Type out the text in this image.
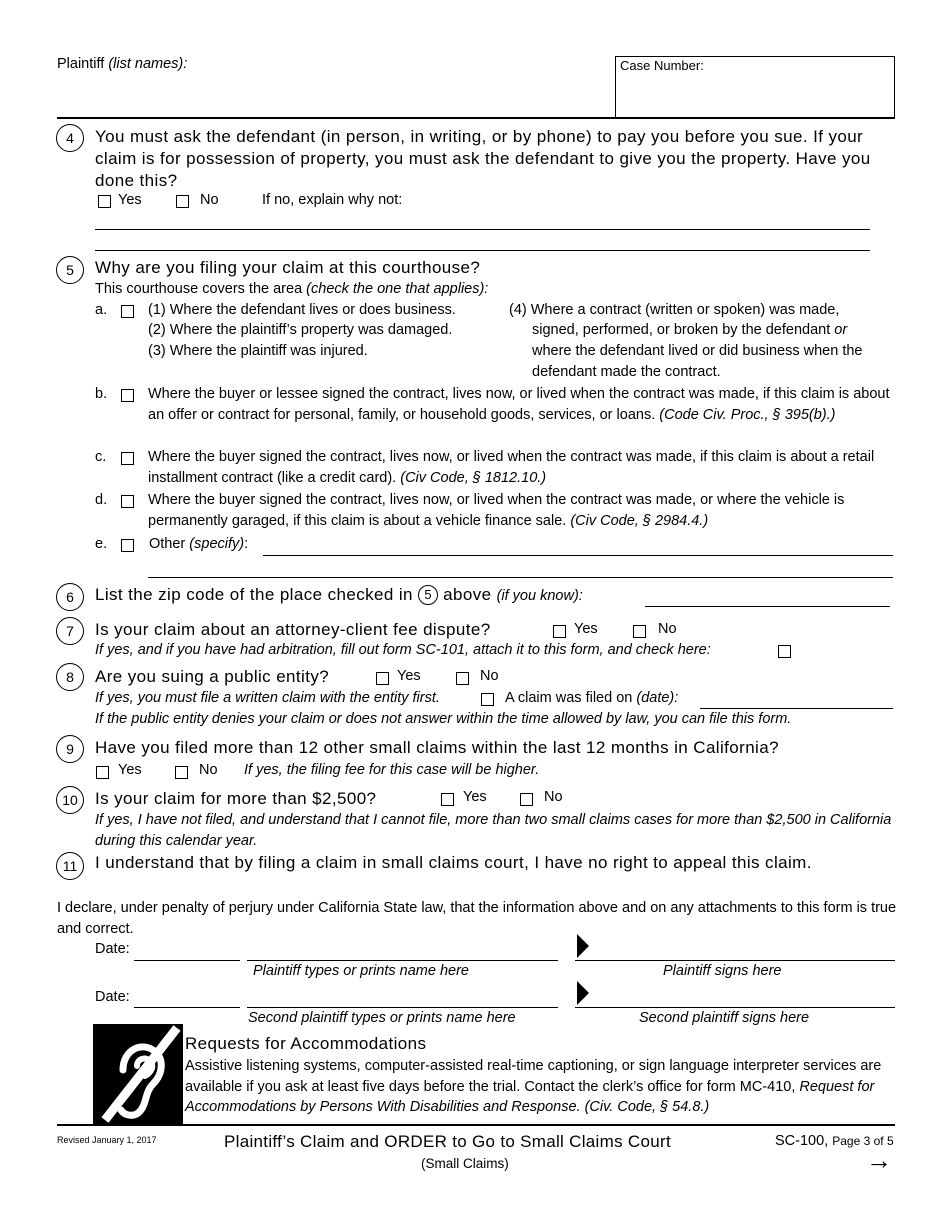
Plaintiff (list names):	Case Number:
4	You must ask the defendant (in person, in writing, or by phone) to pay you before you sue. If your claim is for possession of property, you must ask the defendant to give you the property. Have you done this?
Yes	No	If no, explain why not:
5	Why are you filing your claim at this courthouse?
This courthouse covers the area (check the one that applies):
a.	(1) Where the defendant lives or does business.
(2) Where the plaintiff’s property was damaged.
(3) Where the plaintiff was injured.
(4) Where a contract (written or spoken) was made,
signed, performed, or broken by the defendant or
where the defendant lived or did business when the
defendant made the contract.
b.	Where the buyer or lessee signed the contract, lives now, or lived when the contract was made, if this claim is about an offer or contract for personal, family, or household goods, services, or loans. (Code Civ. Proc., § 395(b).)
c.	Where the buyer signed the contract, lives now, or lived when the contract was made, if this claim is about a retail installment contract (like a credit card). (Civ Code, § 1812.10.)
d.	Where the buyer signed the contract, lives now, or lived when the contract was made, or where the vehicle is permanently garaged, if this claim is about a vehicle finance sale. (Civ Code, § 2984.4.)
e.	Other (specify):
6	List the zip code of the place checked in 5 above (if you know):
7	Is your claim about an attorney-client fee dispute?	Yes	No
If yes, and if you have had arbitration, fill out form SC-101, attach it to this form, and check here:
8	Are you suing a public entity?	Yes	No
If yes, you must file a written claim with the entity first.	A claim was filed on (date):
If the public entity denies your claim or does not answer within the time allowed by law, you can file this form.
9	Have you filed more than 12 other small claims within the last 12 months in California?
Yes	No If yes, the filing fee for this case will be higher.
10	Is your claim for more than $2,500?	Yes	No
If yes, I have not filed, and understand that I cannot file, more than two small claims cases for more than $2,500 in California during this calendar year.
11	I understand that by filing a claim in small claims court, I have no right to appeal this claim.
I declare, under penalty of perjury under California State law, that the information above and on any attachments to this form is true and correct.
Date:
Plaintiff types or prints name here	Plaintiff signs here
Date:
Second plaintiff types or prints name here	Second plaintiff signs here
Requests for Accommodations
Assistive listening systems, computer-assisted real-time captioning, or sign language interpreter services are available if you ask at least five days before the trial. Contact the clerk’s office for form MC-410, Request for Accommodations by Persons With Disabilities and Response. (Civ. Code, § 54.8.)
Revised January 1, 2017	Plaintiff’s Claim and ORDER to Go to Small Claims Court
(Small Claims)
SC-100, Page 3 of 5
→
